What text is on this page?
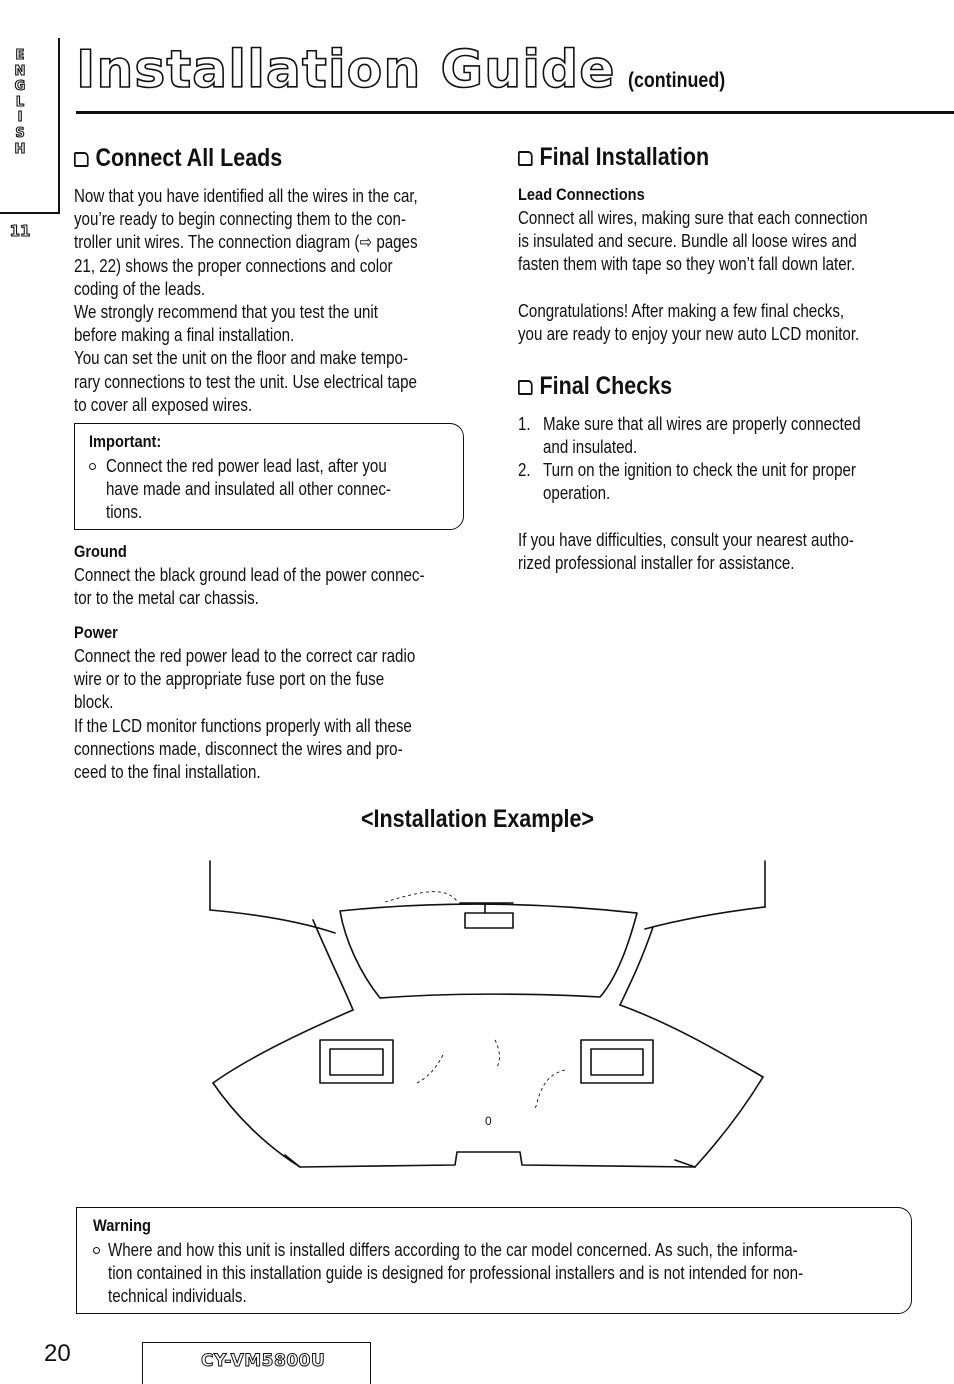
E
N
G
L
I
S
H
11
Installation Guide (continued)
Connect All Leads

Now that you have identified all the wires in the car,
you’re ready to begin connecting them to the con-
troller unit wires. The connection diagram (⇨ pages
21, 22) shows the proper connections and color
coding of the leads.
We strongly recommend that you test the unit
before making a final installation.
You can set the unit on the floor and make tempo-
rary connections to test the unit. Use electrical tape
to cover all exposed wires.

Important:

Connect the red power lead last, after you
have made and insulated all other connec-
tions.

Ground

Connect the black ground lead of the power connec-
tor to the metal car chassis.

Power

Connect the red power lead to the correct car radio
wire or to the appropriate fuse port on the fuse
block.
If the LCD monitor functions properly with all these
connections made, disconnect the wires and pro-
ceed to the final installation.

Final Installation
Lead Connections

Connect all wires, making sure that each connection
is insulated and secure. Bundle all loose wires and
fasten them with tape so they won’t fall down later.

Congratulations! After making a few final checks,
you are ready to enjoy your new auto LCD monitor.

Final Checks

1. Make sure that all wires are properly connected
and insulated.

2. Turn on the ignition to check the unit for proper
operation.

If you have difficulties, consult your nearest autho-
rized professional installer for assistance.

<Installation Example>
0
Warning

Where and how this unit is installed differs according to the car model concerned. As such, the informa-
tion contained in this installation guide is designed for professional installers and is not intended for non-
technical individuals.

20	CY-VM5800U
